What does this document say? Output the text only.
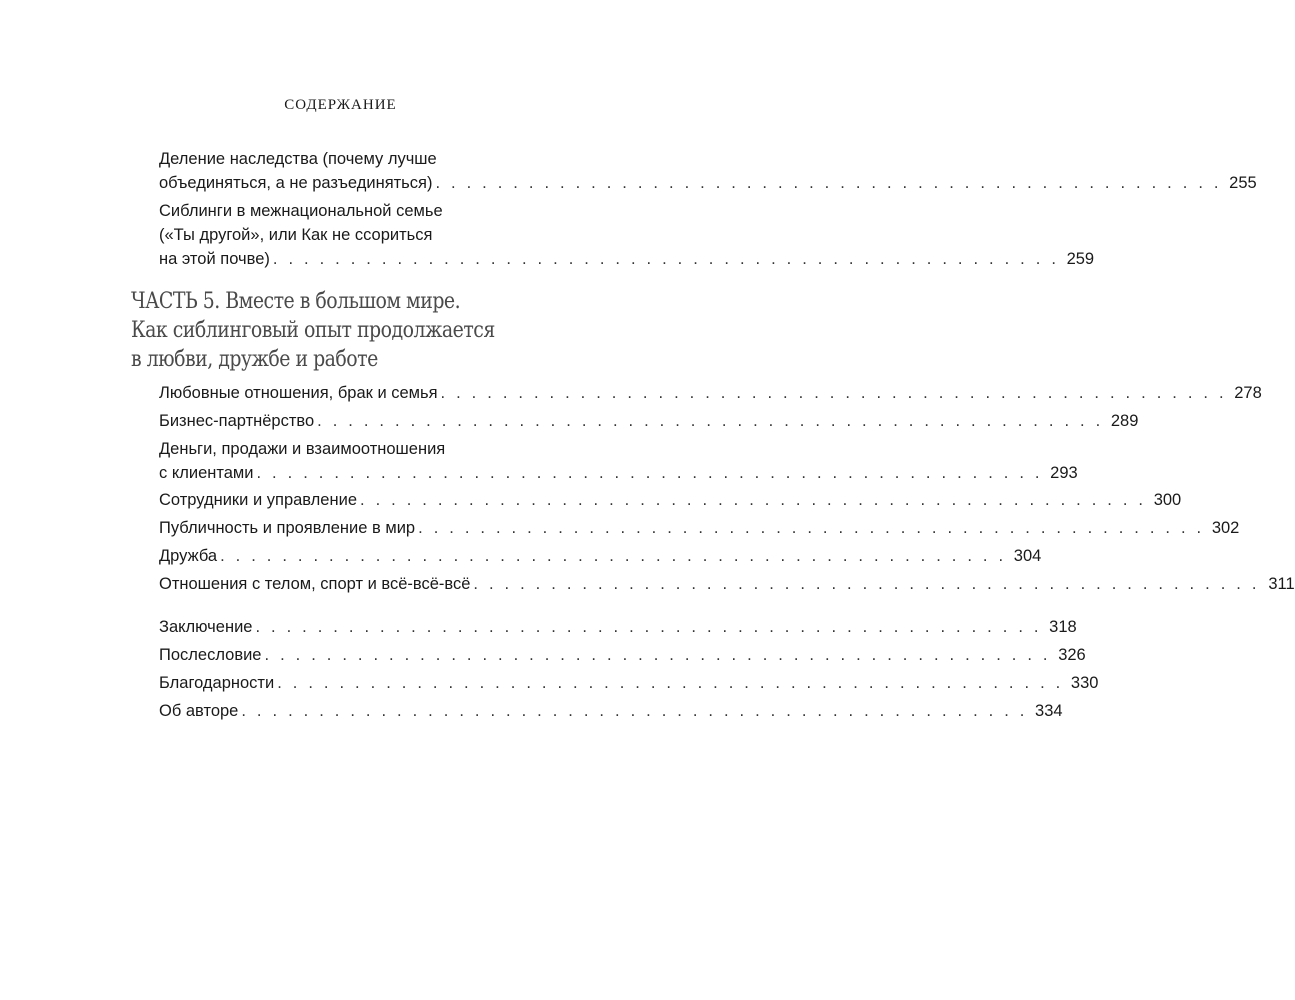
СОДЕРЖАНИЕ
Деление наследства (почему лучше
объединяться, а не разъединяться) . . . . . . . . . . . . . . . . . . . . . . . . . . . . . . . . . . . . . . . . . . . . . . . . . . . 255
Сиблинги в межнациональной семье
(«Ты другой», или Как не ссориться
на этой почве) . . . . . . . . . . . . . . . . . . . . . . . . . . . . . . . . . . . . . . . . . . . . . . . . . . . 259
ЧАСТЬ 5. Вместе в большом мире.
Как сиблинговый опыт продолжается
в любви, дружбе и работе
Любовные отношения, брак и семья . . . . . . . . . . . . . . . . . . . . . . . . . . . . . . . . . . . . . . . . . . . . . . . . . . . 278
Бизнес-партнёрство . . . . . . . . . . . . . . . . . . . . . . . . . . . . . . . . . . . . . . . . . . . . . . . . . . . 289
Деньги, продажи и взаимоотношения
с клиентами . . . . . . . . . . . . . . . . . . . . . . . . . . . . . . . . . . . . . . . . . . . . . . . . . . . 293
Сотрудники и управление . . . . . . . . . . . . . . . . . . . . . . . . . . . . . . . . . . . . . . . . . . . . . . . . . . . 300
Публичность и проявление в мир . . . . . . . . . . . . . . . . . . . . . . . . . . . . . . . . . . . . . . . . . . . . . . . . . . . 302
Дружба . . . . . . . . . . . . . . . . . . . . . . . . . . . . . . . . . . . . . . . . . . . . . . . . . . . 304
Отношения с телом, спорт и всё-всё-всё . . . . . . . . . . . . . . . . . . . . . . . . . . . . . . . . . . . . . . . . . . . . . . . . . . . 311
Заключение . . . . . . . . . . . . . . . . . . . . . . . . . . . . . . . . . . . . . . . . . . . . . . . . . . . 318
Послесловие . . . . . . . . . . . . . . . . . . . . . . . . . . . . . . . . . . . . . . . . . . . . . . . . . . . 326
Благодарности . . . . . . . . . . . . . . . . . . . . . . . . . . . . . . . . . . . . . . . . . . . . . . . . . . . 330
Об авторе . . . . . . . . . . . . . . . . . . . . . . . . . . . . . . . . . . . . . . . . . . . . . . . . . . . 334
